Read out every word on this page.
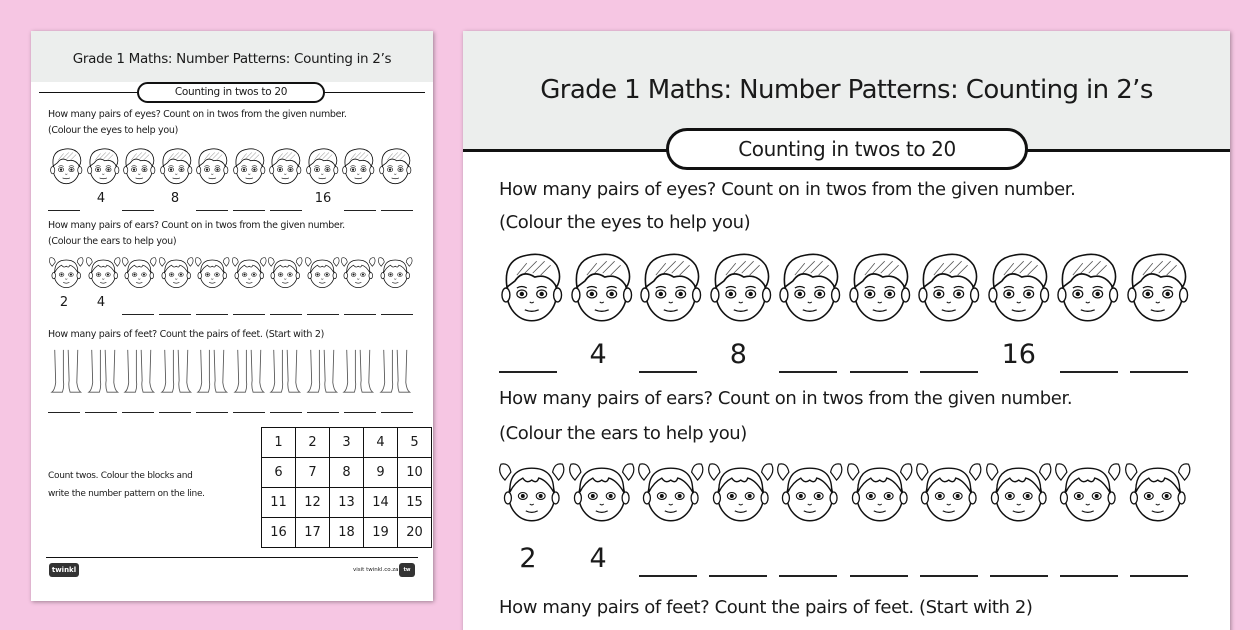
Grade 1 Maths: Number Patterns: Counting in 2’s
Counting in twos to 20
How many pairs of eyes? Count on in twos from the given number.
(Colour the eyes to help you)
4	8	16
How many pairs of ears? Count on in twos from the given number.
(Colour the ears to help you)
2	4
How many pairs of feet? Count the pairs of feet. (Start with 2)
Count twos. Colour the blocks and
write the number pattern on the line.
1	2	3	4	5
6	7	8	9	10
11	12	13	14	15
16	17	18	19	20
twinkl	visit twinkl.co.za tw
Grade 1 Maths: Number Patterns: Counting in 2’s
Counting in twos to 20
How many pairs of eyes? Count on in twos from the given number.
(Colour the eyes to help you)
4	8	16
How many pairs of ears? Count on in twos from the given number.
(Colour the ears to help you)
2	4
How many pairs of feet? Count the pairs of feet. (Start with 2)
